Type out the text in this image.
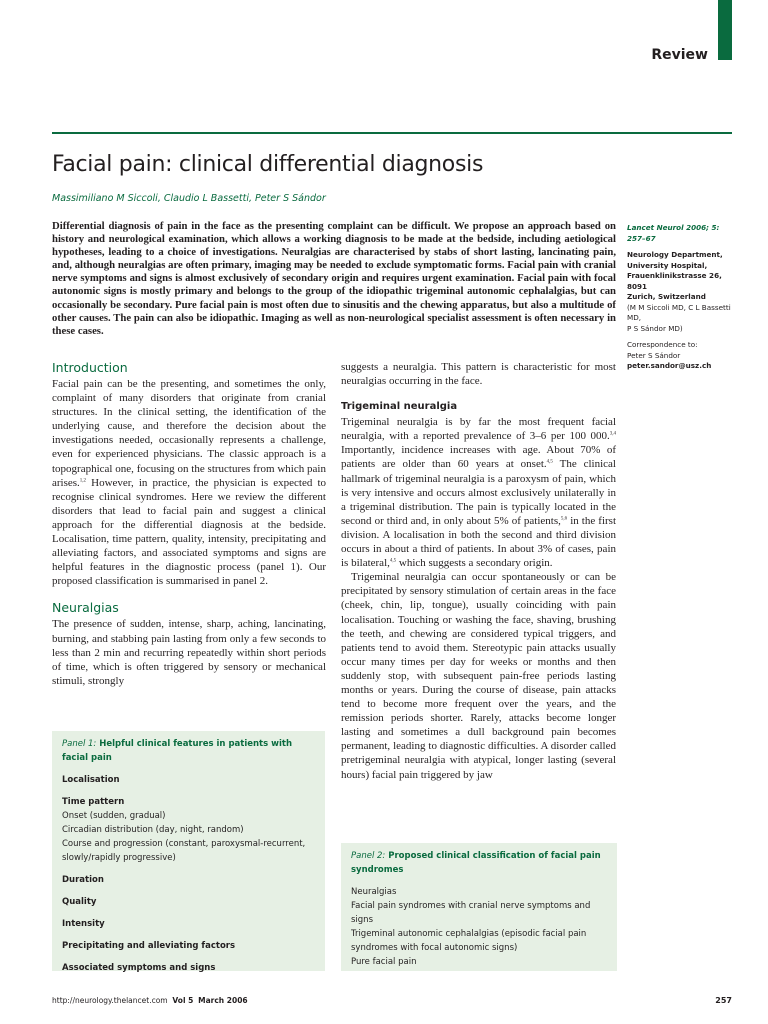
Review
Facial pain: clinical differential diagnosis
Massimiliano M Siccoli, Claudio L Bassetti, Peter S Sándor
Differential diagnosis of pain in the face as the presenting complaint can be difficult. We propose an approach based on history and neurological examination, which allows a working diagnosis to be made at the bedside, including aetiological hypotheses, leading to a choice of investigations. Neuralgias are characterised by stabs of short lasting, lancinating pain, and, although neuralgias are often primary, imaging may be needed to exclude symptomatic forms. Facial pain with cranial nerve symptoms and signs is almost exclusively of secondary origin and requires urgent examination. Facial pain with focal autonomic signs is mostly primary and belongs to the group of the idiopathic trigeminal autonomic cephalalgias, but can occasionally be secondary. Pure facial pain is most often due to sinusitis and the chewing apparatus, but also a multitude of other causes. The pain can also be idiopathic. Imaging as well as non-neurological specialist assessment is often necessary in these cases.

Lancet Neurol 2006; 5: 257–67

Neurology Department,
University Hospital,
Frauenklinikstrasse 26, 8091
Zurich, Switzerland
(M M Siccoli MD, C L Bassetti MD,
P S Sándor MD)

Correspondence to:
Peter S Sándor
peter.sandor@usz.ch

Introduction

Facial pain can be the presenting, and sometimes the only, complaint of many disorders that originate from cranial structures. In the clinical setting, the identification of the underlying cause, and therefore the decision about the investigations needed, occasionally represents a challenge, even for experienced physicians. The classic approach is a topographical one, focusing on the structures from which pain arises.$^{1,2}$ However, in practice, the physician is expected to recognise clinical syndromes. Here we review the different disorders that lead to facial pain and suggest a clinical approach for the differential diagnosis at the bedside. Localisation, time pattern, quality, intensity, precipitating and alleviating factors, and associated symptoms and signs are helpful features in the diagnostic process (panel 1). Our proposed classification is summarised in panel 2.

Neuralgias

The presence of sudden, intense, sharp, aching, lancinating, burning, and stabbing pain lasting from only a few seconds to less than 2 min and recurring repeatedly within short periods of time, which is often triggered by sensory or mechanical stimuli, strongly

suggests a neuralgia. This pattern is characteristic for most neuralgias occurring in the face.

Trigeminal neuralgia

Trigeminal neuralgia is by far the most frequent facial neuralgia, with a reported prevalence of 3–6 per 100 000.$^{3,4}$ Importantly, incidence increases with age. About 70% of patients are older than 60 years at onset.$^{4,5}$ The clinical hallmark of trigeminal neuralgia is a paroxysm of pain, which is very intensive and occurs almost exclusively unilaterally in a trigeminal distribution. The pain is typically located in the second or third and, in only about 5% of patients,$^{5,6}$ in the first division. A localisation in both the second and third division occurs in about a third of patients. In about 3% of cases, pain is bilateral,$^{4,5}$ which suggests a secondary origin.

Trigeminal neuralgia can occur spontaneously or can be precipitated by sensory stimulation of certain areas in the face (cheek, chin, lip, tongue), usually coinciding with pain localisation. Touching or washing the face, shaving, brushing the teeth, and chewing are considered typical triggers, and patients tend to avoid them. Stereotypic pain attacks usually occur many times per day for weeks or months and then suddenly stop, with subsequent pain-free periods lasting months or years. During the course of disease, pain attacks tend to become more frequent over the years, and the remission periods shorter. Rarely, attacks become longer lasting and sometimes a dull background pain becomes permanent, leading to diagnostic difficulties. A disorder called pretrigeminal neuralgia with atypical, longer lasting (several hours) facial pain triggered by jaw

Panel 1: Helpful clinical features in patients with facial pain
Localisation
Time pattern
Onset (sudden, gradual)
Circadian distribution (day, night, random)
Course and progression (constant, paroxysmal-recurrent,
slowly/rapidly progressive)
Duration
Quality
Intensity
Precipitating and alleviating factors
Associated symptoms and signs
Panel 2: Proposed clinical classification of facial pain
syndromes
Neuralgias
Facial pain syndromes with cranial nerve symptoms and signs
Trigeminal autonomic cephalalgias (episodic facial pain
syndromes with focal autonomic signs)
Pure facial pain
http://neurology.thelancet.com Vol 5 March 2006	257
